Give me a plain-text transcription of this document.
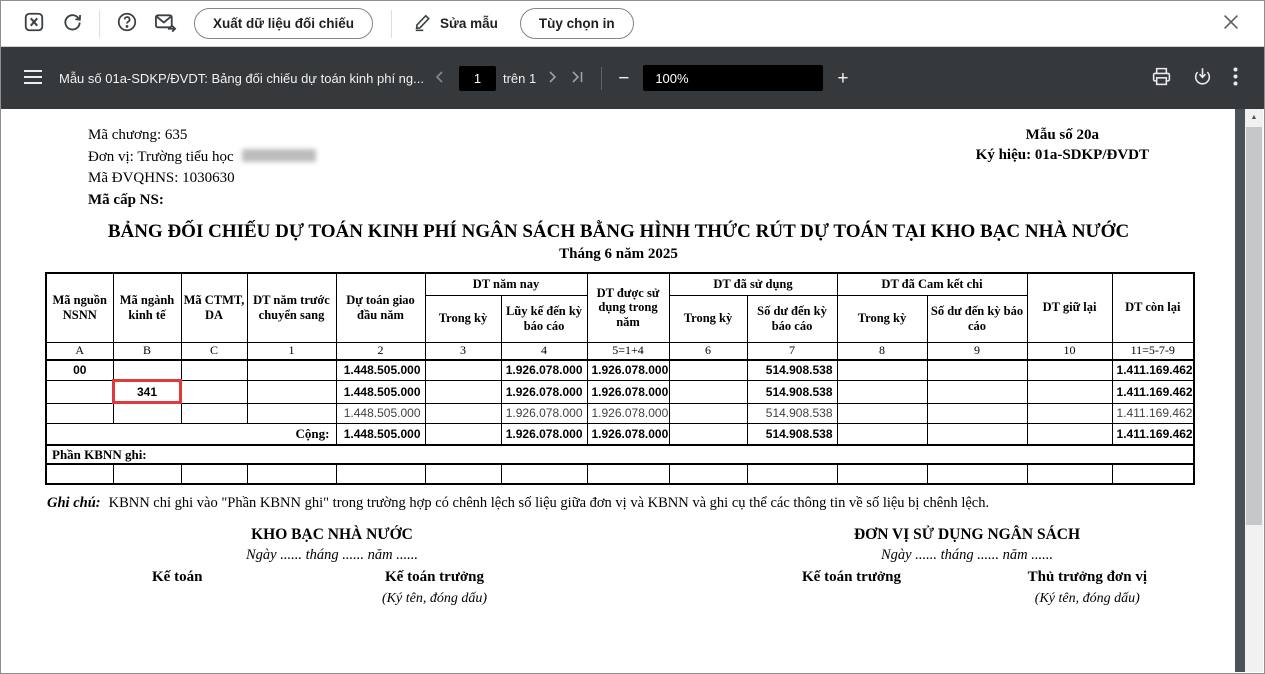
Xuất dữ liệu đối chiếu	Sửa mẫu	Tùy chọn in
Mẫu số 01a-SDKP/ĐVDT: Bảng đối chiếu dự toán kinh phí ng...
1	trên 1	−
100%	+
Mã chương: 635
Đơn vị: Trường tiểu học
Mã ĐVQHNS: 1030630
Mã cấp NS:
Mẫu số 20a
Ký hiệu: 01a-SDKP/ĐVDT
BẢNG ĐỐI CHIẾU DỰ TOÁN KINH PHÍ NGÂN SÁCH BẰNG HÌNH THỨC RÚT DỰ TOÁN TẠI KHO BẠC NHÀ NƯỚC
Tháng 6 năm 2025
Mã nguồn NSNN	Mã ngành kinh tế	Mã CTMT, DA	DT năm trước chuyển sang	Dự toán giao đầu năm	DT năm nay		DT được sử dụng trong năm	DT đã sử dụng		DT đã Cam kết chi		DT giữ lại	DT còn lại
					Trong kỳ	Lũy kế đến kỳ báo cáo		Trong kỳ	Số dư đến kỳ báo cáo	Trong kỳ	Số dư đến kỳ báo cáo		
A	B	C	1	2	3	4	5=1+4	6	7	8	9	10	11=5-7-9
00				1.448.505.000		1.926.078.000	1.926.078.000		514.908.538				1.411.169.462
	341			1.448.505.000		1.926.078.000	1.926.078.000		514.908.538				1.411.169.462
				1.448.505.000		1.926.078.000	1.926.078.000		514.908.538				1.411.169.462
Cộng:				1.448.505.000		1.926.078.000	1.926.078.000		514.908.538				1.411.169.462
Phần KBNN ghi:													

Ghi chú: KBNN chỉ ghi vào "Phần KBNN ghi" trong trường hợp có chênh lệch số liệu giữa đơn vị và KBNN và ghi cụ thể các thông tin về số liệu bị chênh lệch.
KHO BẠC NHÀ NƯỚC
Ngày ...... tháng ...... năm ......
Kế toán	Kế toán trưởng
(Ký tên, đóng dấu)
ĐƠN VỊ SỬ DỤNG NGÂN SÁCH
Ngày ...... tháng ...... năm ......
Kế toán trưởng	Thủ trưởng đơn vị
(Ký tên, đóng dấu)
▲
